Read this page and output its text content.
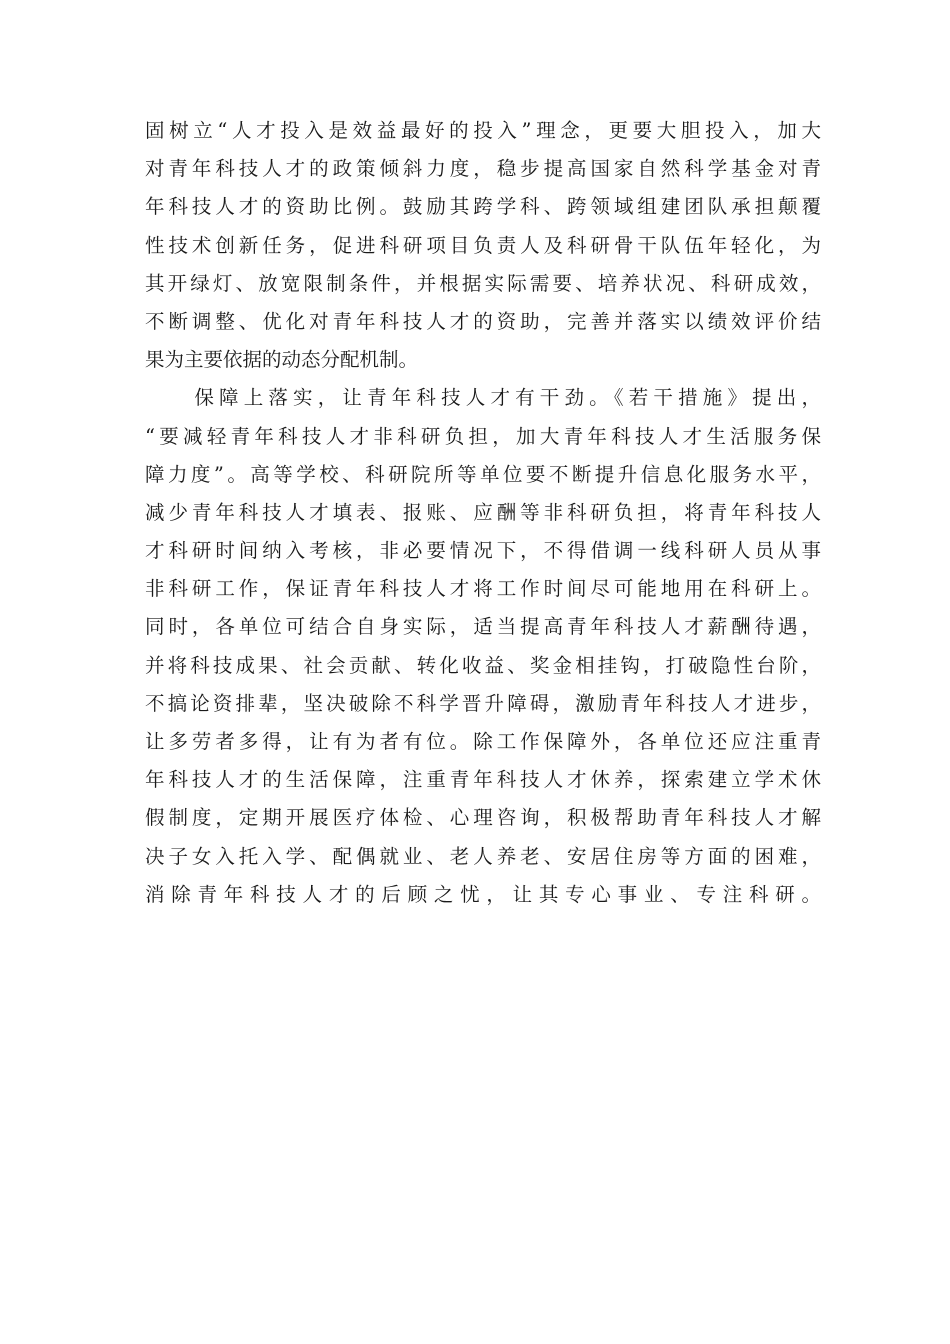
固树立“人才投入是效益最好的投入”理念，更要大胆投入，加大
对青年科技人才的政策倾斜力度，稳步提高国家自然科学基金对青
年科技人才的资助比例。鼓励其跨学科、跨领域组建团队承担颠覆
性技术创新任务，促进科研项目负责人及科研骨干队伍年轻化，为
其开绿灯、放宽限制条件，并根据实际需要、培养状况、科研成效，
不断调整、优化对青年科技人才的资助，完善并落实以绩效评价结
果为主要依据的动态分配机制。
　　保障上落实，让青年科技人才有干劲。《若干措施》提出，
“要减轻青年科技人才非科研负担，加大青年科技人才生活服务保
障力度”。高等学校、科研院所等单位要不断提升信息化服务水平，
减少青年科技人才填表、报账、应酬等非科研负担，将青年科技人
才科研时间纳入考核，非必要情况下，不得借调一线科研人员从事
非科研工作，保证青年科技人才将工作时间尽可能地用在科研上。
同时，各单位可结合自身实际，适当提高青年科技人才薪酬待遇，
并将科技成果、社会贡献、转化收益、奖金相挂钩，打破隐性台阶，
不搞论资排辈，坚决破除不科学晋升障碍，激励青年科技人才进步，
让多劳者多得，让有为者有位。除工作保障外，各单位还应注重青
年科技人才的生活保障，注重青年科技人才休养，探索建立学术休
假制度，定期开展医疗体检、心理咨询，积极帮助青年科技人才解
决子女入托入学、配偶就业、老人养老、安居住房等方面的困难，
消除青年科技人才的后顾之忧，让其专心事业、专注科研。
